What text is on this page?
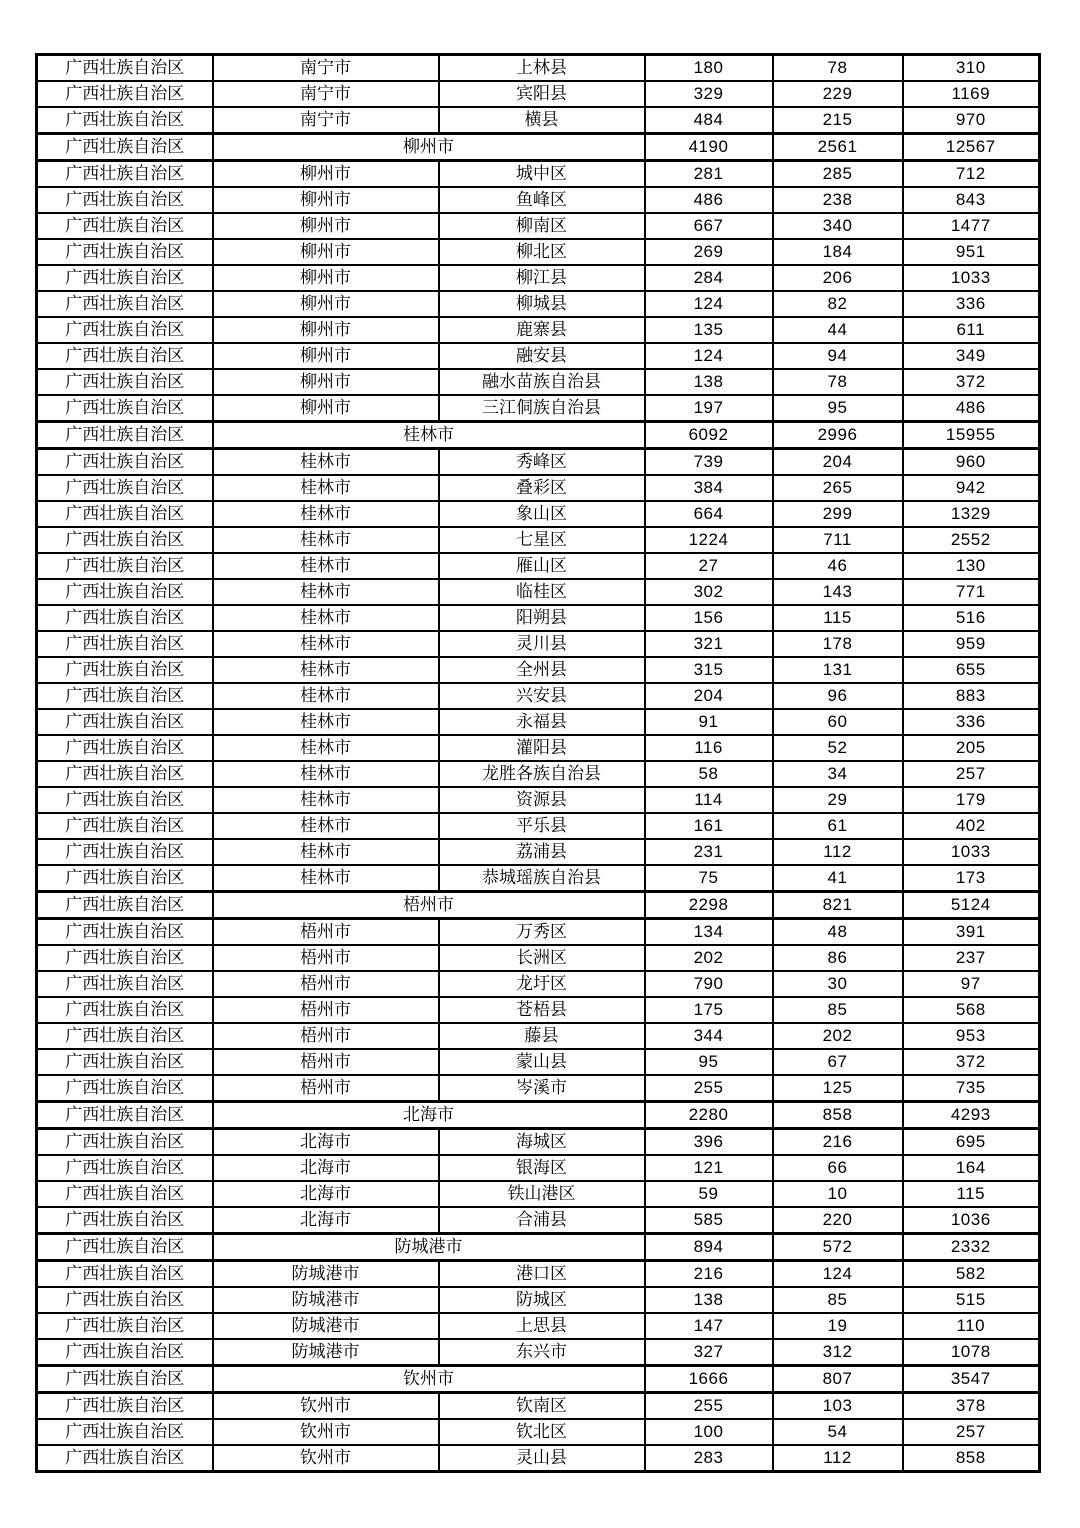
广西壮族自治区	南宁市	上林县	180	78	310
广西壮族自治区	南宁市	宾阳县	329	229	1169
广西壮族自治区	南宁市	横县	484	215	970
广西壮族自治区	柳州市		4190	2561	12567
广西壮族自治区	柳州市	城中区	281	285	712
广西壮族自治区	柳州市	鱼峰区	486	238	843
广西壮族自治区	柳州市	柳南区	667	340	1477
广西壮族自治区	柳州市	柳北区	269	184	951
广西壮族自治区	柳州市	柳江县	284	206	1033
广西壮族自治区	柳州市	柳城县	124	82	336
广西壮族自治区	柳州市	鹿寨县	135	44	611
广西壮族自治区	柳州市	融安县	124	94	349
广西壮族自治区	柳州市	融水苗族自治县	138	78	372
广西壮族自治区	柳州市	三江侗族自治县	197	95	486
广西壮族自治区	桂林市		6092	2996	15955
广西壮族自治区	桂林市	秀峰区	739	204	960
广西壮族自治区	桂林市	叠彩区	384	265	942
广西壮族自治区	桂林市	象山区	664	299	1329
广西壮族自治区	桂林市	七星区	1224	711	2552
广西壮族自治区	桂林市	雁山区	27	46	130
广西壮族自治区	桂林市	临桂区	302	143	771
广西壮族自治区	桂林市	阳朔县	156	115	516
广西壮族自治区	桂林市	灵川县	321	178	959
广西壮族自治区	桂林市	全州县	315	131	655
广西壮族自治区	桂林市	兴安县	204	96	883
广西壮族自治区	桂林市	永福县	91	60	336
广西壮族自治区	桂林市	灌阳县	116	52	205
广西壮族自治区	桂林市	龙胜各族自治县	58	34	257
广西壮族自治区	桂林市	资源县	114	29	179
广西壮族自治区	桂林市	平乐县	161	61	402
广西壮族自治区	桂林市	荔浦县	231	112	1033
广西壮族自治区	桂林市	恭城瑶族自治县	75	41	173
广西壮族自治区	梧州市		2298	821	5124
广西壮族自治区	梧州市	万秀区	134	48	391
广西壮族自治区	梧州市	长洲区	202	86	237
广西壮族自治区	梧州市	龙圩区	790	30	97
广西壮族自治区	梧州市	苍梧县	175	85	568
广西壮族自治区	梧州市	藤县	344	202	953
广西壮族自治区	梧州市	蒙山县	95	67	372
广西壮族自治区	梧州市	岑溪市	255	125	735
广西壮族自治区	北海市		2280	858	4293
广西壮族自治区	北海市	海城区	396	216	695
广西壮族自治区	北海市	银海区	121	66	164
广西壮族自治区	北海市	铁山港区	59	10	115
广西壮族自治区	北海市	合浦县	585	220	1036
广西壮族自治区	防城港市		894	572	2332
广西壮族自治区	防城港市	港口区	216	124	582
广西壮族自治区	防城港市	防城区	138	85	515
广西壮族自治区	防城港市	上思县	147	19	110
广西壮族自治区	防城港市	东兴市	327	312	1078
广西壮族自治区	钦州市		1666	807	3547
广西壮族自治区	钦州市	钦南区	255	103	378
广西壮族自治区	钦州市	钦北区	100	54	257
广西壮族自治区	钦州市	灵山县	283	112	858
